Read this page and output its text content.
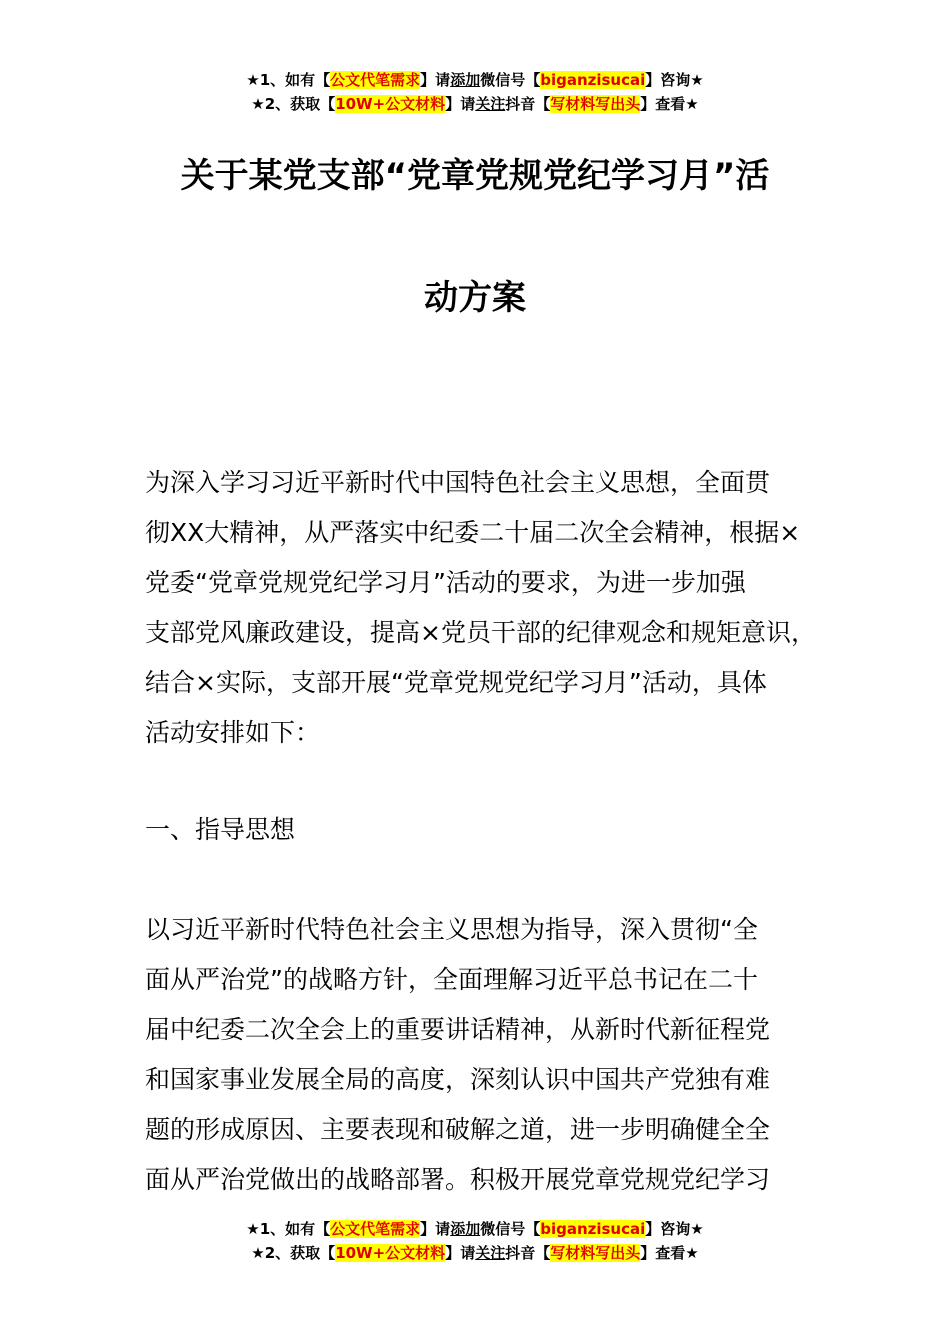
★1、如有【公文代笔需求】请添加微信号【biganzisucai】咨询★
★2、获取【10W+公文材料】请关注抖音【写材料写出头】查看★
关于某党支部“党章党规党纪学习月”活
动方案
为深入学习习近平新时代中国特色社会主义思想，全面贯
彻XX大精神，从严落实中纪委二十届二次全会精神，根据×
党委“党章党规党纪学习月”活动的要求，为进一步加强
支部党风廉政建设，提高×党员干部的纪律观念和规矩意识，
结合×实际，支部开展“党章党规党纪学习月”活动，具体
活动安排如下：
一、指导思想
以习近平新时代特色社会主义思想为指导，深入贯彻“全
面从严治党”的战略方针，全面理解习近平总书记在二十
届中纪委二次全会上的重要讲话精神，从新时代新征程党
和国家事业发展全局的高度，深刻认识中国共产党独有难
题的形成原因、主要表现和破解之道，进一步明确健全全
面从严治党做出的战略部署。积极开展党章党规党纪学习
★1、如有【公文代笔需求】请添加微信号【biganzisucai】咨询★
★2、获取【10W+公文材料】请关注抖音【写材料写出头】查看★
